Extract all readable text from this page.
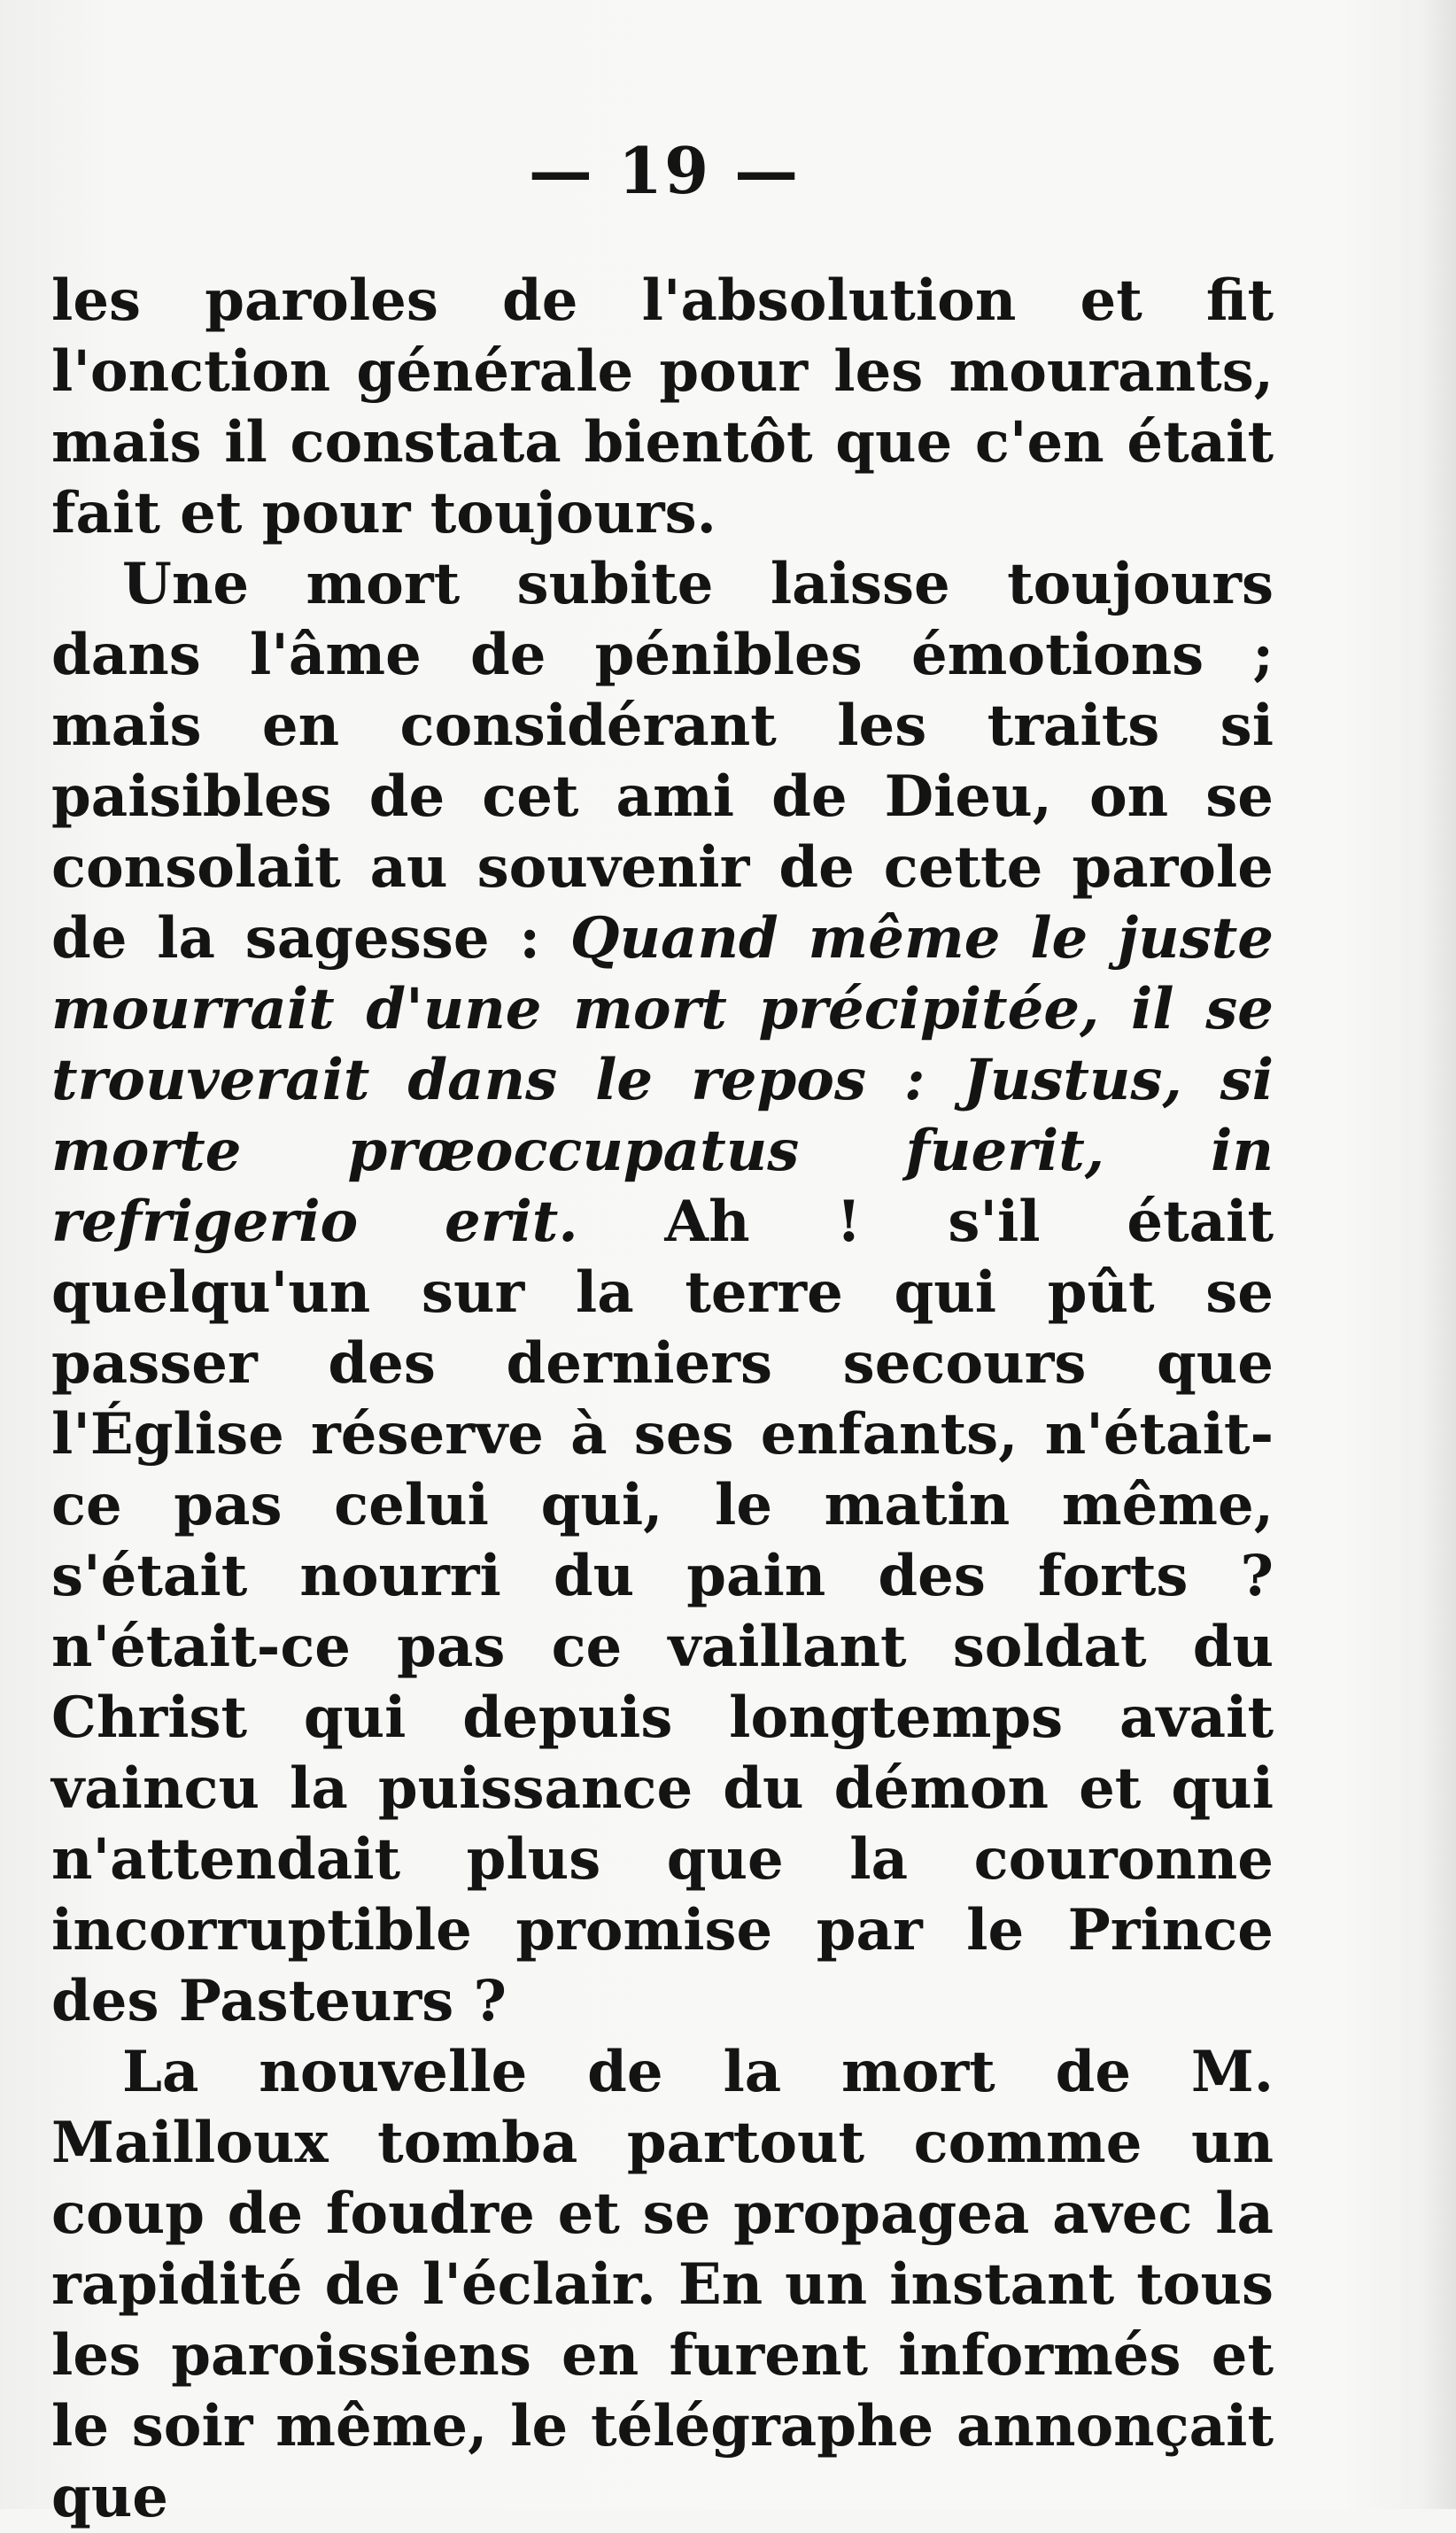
— 19 —

les paroles de l'absolution et fit l'onction générale pour les mourants, mais il constata bientôt que c'en était fait et pour toujours.

Une mort subite laisse toujours dans l'âme de pénibles émotions ; mais en considérant les traits si paisibles de cet ami de Dieu, on se consolait au souvenir de cette parole de la sagesse : Quand même le juste mourrait d'une mort précipitée, il se trouverait dans le repos : Justus, si morte prœoccupatus fuerit, in refrigerio erit. Ah ! s'il était quelqu'un sur la terre qui pût se passer des derniers secours que l'Église réserve à ses enfants, n'était-ce pas celui qui, le matin même, s'était nourri du pain des forts ? n'était-ce pas ce vaillant soldat du Christ qui depuis longtemps avait vaincu la puissance du démon et qui n'attendait plus que la couronne incorruptible promise par le Prince des Pasteurs ?

La nouvelle de la mort de M. Mailloux tomba partout comme un coup de foudre et se propagea avec la rapidité de l'éclair. En un instant tous les paroissiens en furent informés et le soir même, le télégraphe annonçait que
